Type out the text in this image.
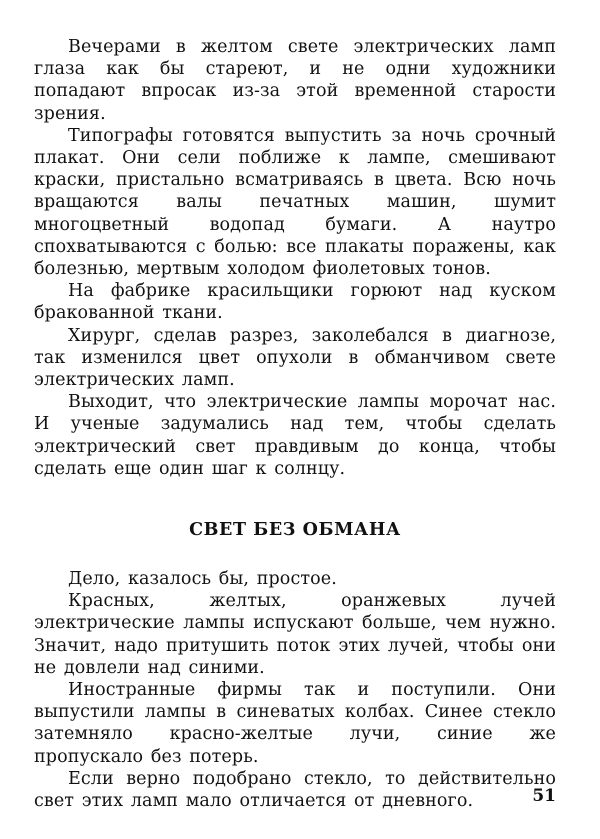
Вечерами в желтом свете электрических ламп глаза как бы стареют, и не одни художники попадают впросак из-за этой временной старости зрения.

Типографы готовятся выпустить за ночь срочный плакат. Они сели поближе к лампе, смешивают краски, пристально всматриваясь в цвета. Всю ночь вращаются валы печатных машин, шумит многоцветный водопад бумаги. А наутро спохватываются с болью: все плакаты поражены, как болезнью, мертвым холодом фиолетовых тонов.

На фабрике красильщики горюют над куском бракованной ткани.

Хирург, сделав разрез, заколебался в диагнозе, так изменился цвет опухоли в обманчивом свете электрических ламп.

Выходит, что электрические лампы морочат нас. И ученые задумались над тем, чтобы сделать электрический свет правдивым до конца, чтобы сделать еще один шаг к солнцу.

СВЕТ БЕЗ ОБМАНА

Дело, казалось бы, простое.

Красных, желтых, оранжевых лучей электрические лампы испускают больше, чем нужно. Значит, надо притушить поток этих лучей, чтобы они не довлели над синими.

Иностранные фирмы так и поступили. Они выпустили лампы в синеватых колбах. Синее стекло затемняло красно-желтые лучи, синие же пропускало без потерь.

Если верно подобрано стекло, то действительно свет этих ламп мало отличается от дневного.	51
